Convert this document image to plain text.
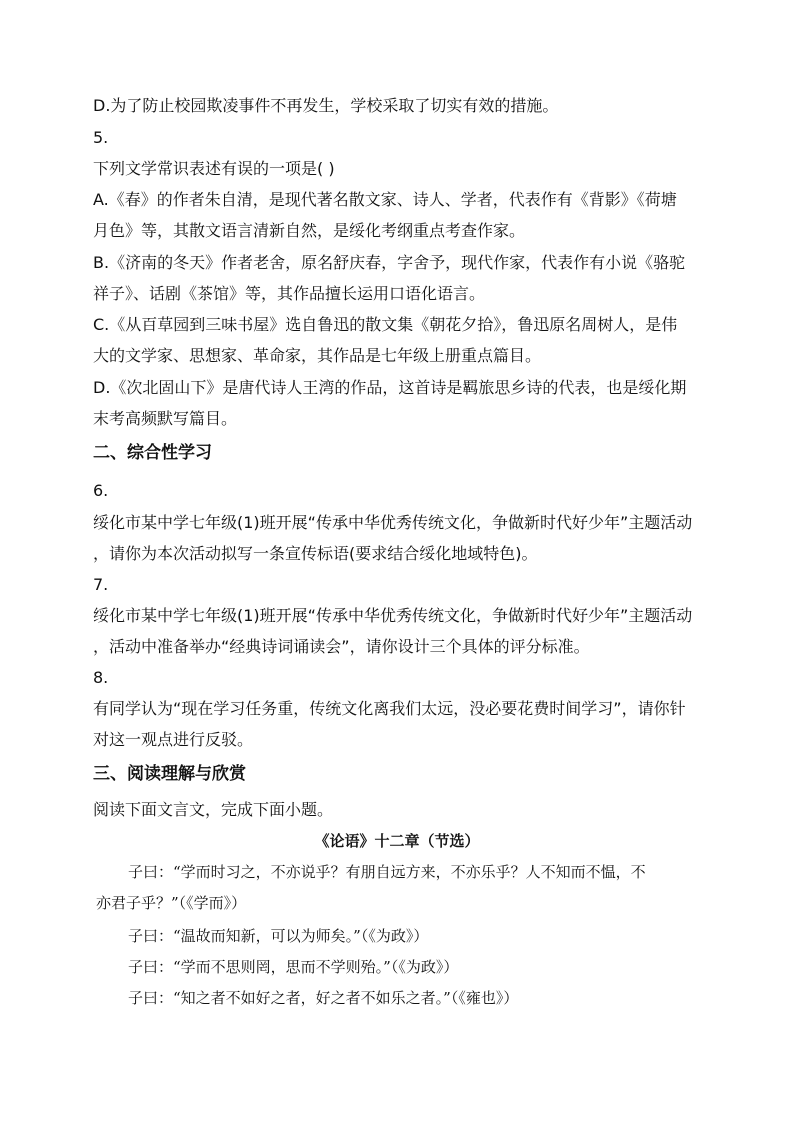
D.为了防止校园欺凌事件不再发生，学校采取了切实有效的措施。
5.
下列文学常识表述有误的一项是( )
A.《春》的作者朱自清，是现代著名散文家、诗人、学者，代表作有《背影》《荷塘
月色》等，其散文语言清新自然，是绥化考纲重点考查作家。
B.《济南的冬天》作者老舍，原名舒庆春，字舍予，现代作家，代表作有小说《骆驼
祥子》、话剧《茶馆》等，其作品擅长运用口语化语言。
C.《从百草园到三味书屋》选自鲁迅的散文集《朝花夕拾》，鲁迅原名周树人，是伟
大的文学家、思想家、革命家，其作品是七年级上册重点篇目。
D.《次北固山下》是唐代诗人王湾的作品，这首诗是羁旅思乡诗的代表，也是绥化期
末考高频默写篇目。
二、综合性学习
6.
绥化市某中学七年级(1)班开展“传承中华优秀传统文化，争做新时代好少年”主题活动
，请你为本次活动拟写一条宣传标语(要求结合绥化地域特色)。
7.
绥化市某中学七年级(1)班开展“传承中华优秀传统文化，争做新时代好少年”主题活动
，活动中准备举办“经典诗词诵读会”，请你设计三个具体的评分标准。
8.
有同学认为“现在学习任务重，传统文化离我们太远，没必要花费时间学习”，请你针
对这一观点进行反驳。
三、阅读理解与欣赏
阅读下面文言文，完成下面小题。
《论语》十二章（节选）
子曰：“学而时习之，不亦说乎？有朋自远方来，不亦乐乎？人不知而不愠，不
亦君子乎？”（《学而》）
子曰：“温故而知新，可以为师矣。”（《为政》）
子曰：“学而不思则罔，思而不学则殆。”（《为政》）
子曰：“知之者不如好之者，好之者不如乐之者。”（《雍也》）
